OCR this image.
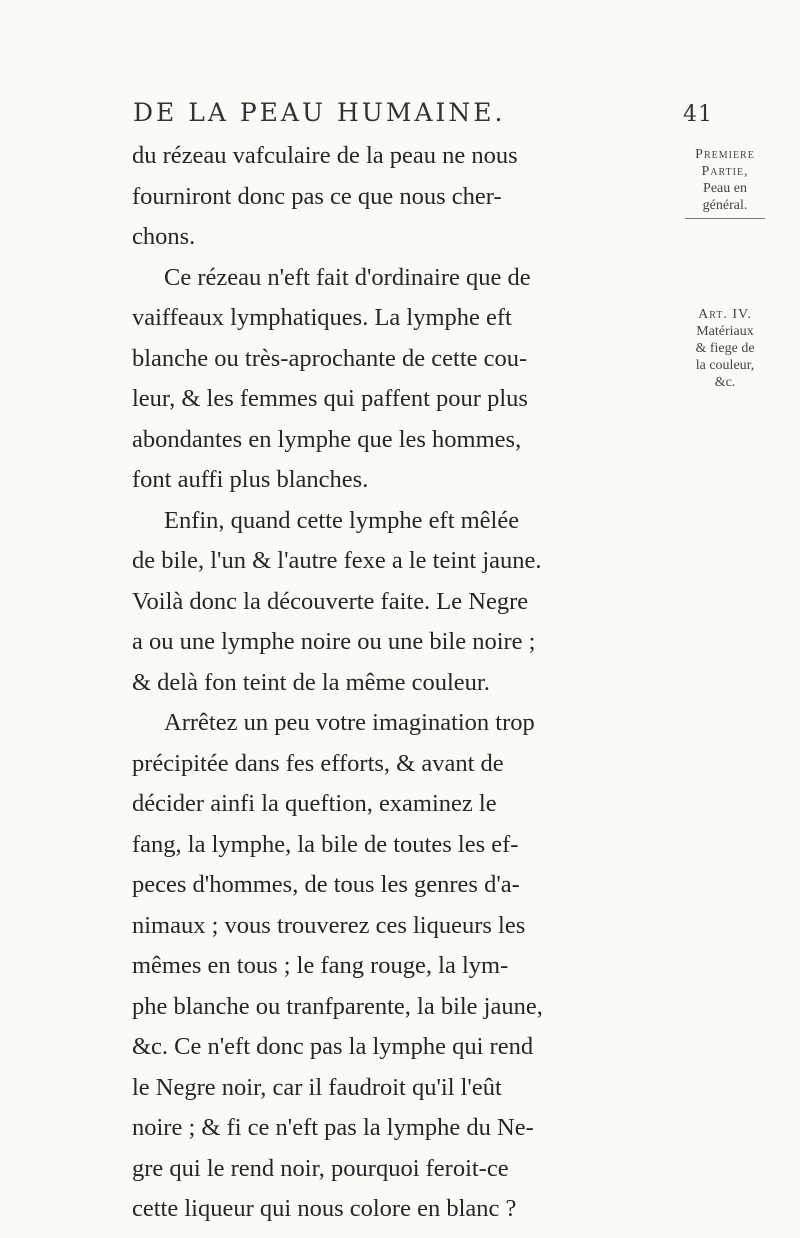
DE LA PEAU HUMAINE.	41
Premiere
Partie,
Peau en
général.
Art. IV.
Matériaux
& fiege de
la couleur,
&c.
du rézeau vafculaire de la peau ne nous
fourniront donc pas ce que nous cher-
chons.
Ce rézeau n'eft fait d'ordinaire que de
vaiffeaux lymphatiques. La lymphe eft
blanche ou très-aprochante de cette cou-
leur, & les femmes qui paffent pour plus
abondantes en lymphe que les hommes,
font auffi plus blanches.
Enfin, quand cette lymphe eft mêlée
de bile, l'un & l'autre fexe a le teint jaune.
Voilà donc la découverte faite. Le Negre
a ou une lymphe noire ou une bile noire ;
& delà fon teint de la même couleur.
Arrêtez un peu votre imagination trop
précipitée dans fes efforts, & avant de
décider ainfi la queftion, examinez le
fang, la lymphe, la bile de toutes les ef-
peces d'hommes, de tous les genres d'a-
nimaux ; vous trouverez ces liqueurs les
mêmes en tous ; le fang rouge, la lym-
phe blanche ou tranfparente, la bile jaune,
&c. Ce n'eft donc pas la lymphe qui rend
le Negre noir, car il faudroit qu'il l'eût
noire ; & fi ce n'eft pas la lymphe du Ne-
gre qui le rend noir, pourquoi feroit-ce
cette liqueur qui nous colore en blanc ?
